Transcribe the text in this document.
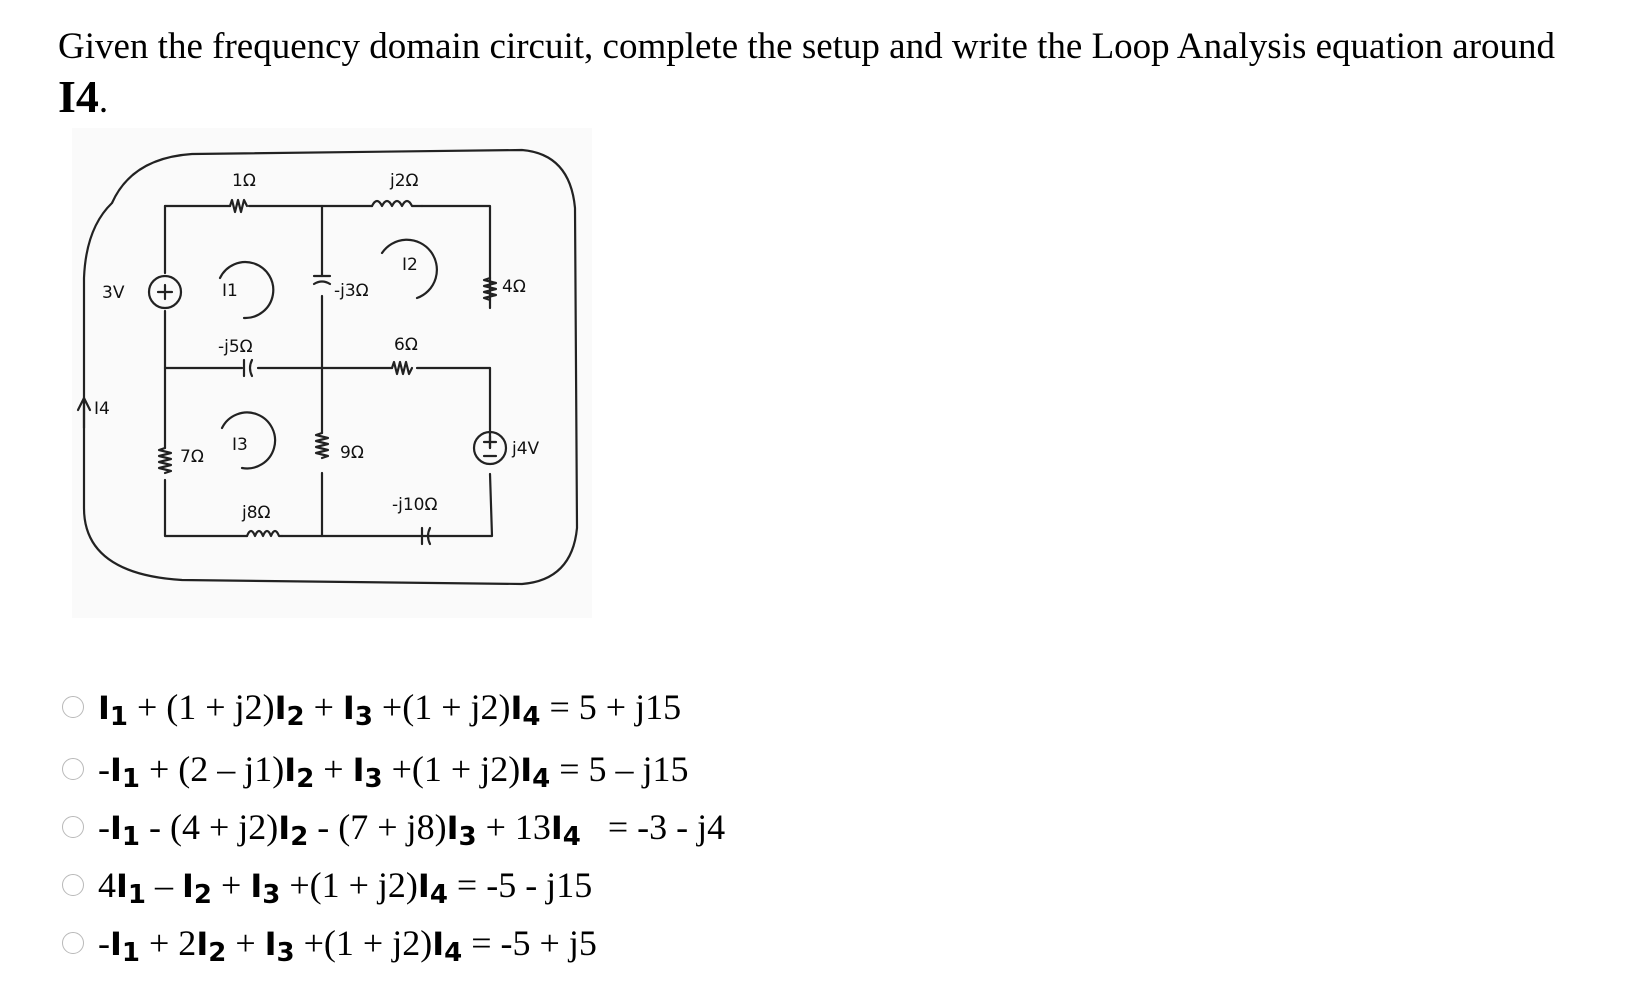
Given the frequency domain circuit, complete the setup and write the Loop Analysis equation around
I4.
1Ω	j2Ω
3V	-j3Ω	4Ω
-j5Ω	6Ω
7Ω	9Ω	j4V
j8Ω	-j10Ω
I1
I2
I3
I4
$I_1 + (1 + j2)I_2 + I_3 +(1 + j2)I_4 = 5 + j15$
$-I_1 + (2 - j1)I_2 + I_3 +(1 + j2)I_4 = 5 - j15$
$-I_1 - (4 + j2)I_2 - (7 + j8)I_3 + 13I_4 = -3 - j4$
$4I_1 - I_2 + I_3 +(1 + j2)I_4 = -5 - j15$
$-I_1 + 2I_2 + I_3 +(1 + j2)I_4 = -5 + j5$
